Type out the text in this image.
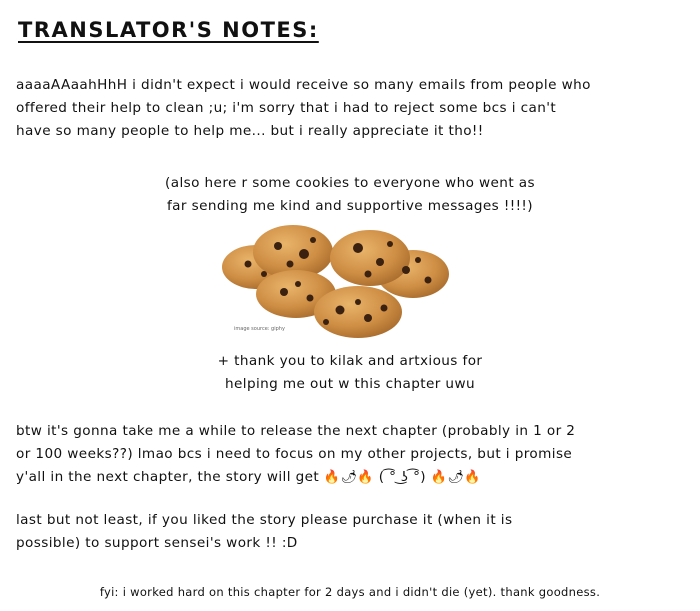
TRANSLATOR'S NOTES:
aaaaAAaahHhH i didn't expect i would receive so many emails from people who
offered their help to clean ;u; i'm sorry that i had to reject some bcs i can't
have so many people to help me... but i really appreciate it tho!!
(also here r some cookies to everyone who went as
far sending me kind and supportive messages !!!!)
image source: giphy
+ thank you to kilak and artxious for
helping me out w this chapter uwu
btw it's gonna take me a while to release the next chapter (probably in 1 or 2
or 100 weeks??) lmao bcs i need to focus on my other projects, but i promise
y'all in the next chapter, the story will get 🔥🌶🔥 ( ͡° ͜ʖ ͡°) 🔥🌶🔥
last but not least, if you liked the story please purchase it (when it is
possible) to support sensei's work !! :D
fyi: i worked hard on this chapter for 2 days and i didn't die (yet). thank goodness.
